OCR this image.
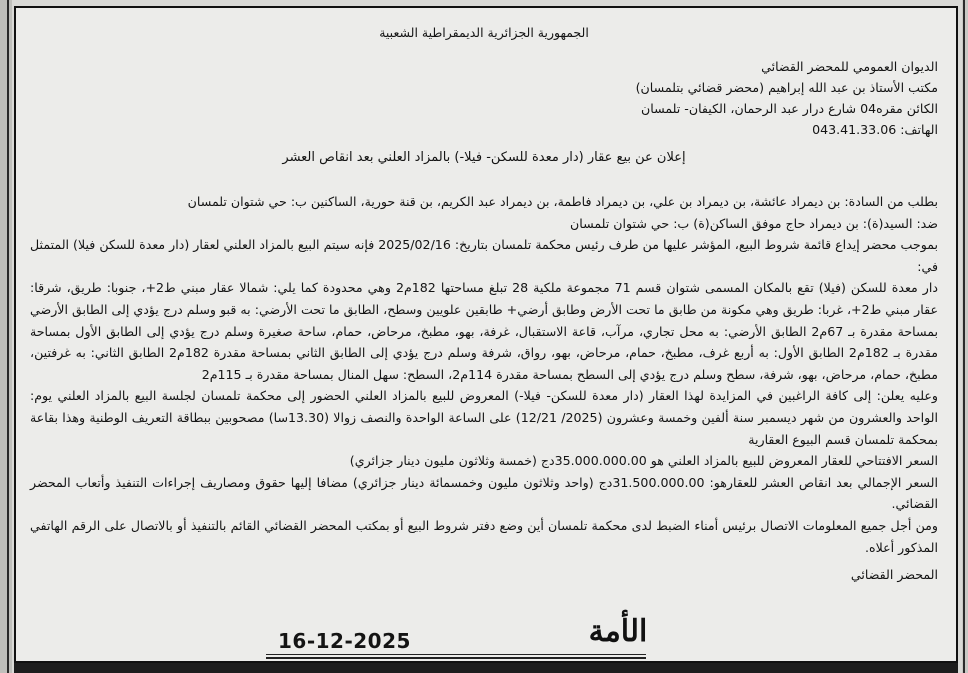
الجمهورية الجزائرية الديمقراطية الشعبية
الديوان العمومي للمحضر القضائي
مكتب الأستاذ بن عبد الله إبراهيم (محضر قضائي بتلمسان)
الكائن مقره04 شارع درار عبد الرحمان، الكيفان- تلمسان
الهاتف: 043.41.33.06
إعلان عن بيع عقار (دار معدة للسكن- فيلا-) بالمزاد العلني بعد انقاص العشر

بطلب من السادة: بن ديمراد عائشة، بن ديمراد بن علي، بن ديمراد فاطمة، بن ديمراد عبد الكريم، بن قنة حورية، الساكنين ب: حي شتوان تلمسان

ضد: السيد(ة): بن ديمراد حاج موفق الساكن(ة) ب: حي شتوان تلمسان

بموجب محضر إيداع قائمة شروط البيع، المؤشر عليها من طرف رئيس محكمة تلمسان بتاريخ: 2025/02/16 فإنه سيتم البيع بالمزاد العلني لعقار (دار معدة للسكن فيلا) المتمثل في:

دار معدة للسكن (فيلا) تقع بالمكان المسمى شتوان قسم 71 مجموعة ملكية 28 تبلغ مساحتها 182م2 وهي محدودة كما يلي: شمالا عقار مبني ط2+، جنوبا: طريق، شرقا: عقار مبني ط2+، غربا: طريق وهي مكونة من طابق ما تحت الأرض وطابق أرضي+ طابقين علويين وسطح، الطابق ما تحت الأرضي: به قبو وسلم درج يؤدي إلى الطابق الأرضي بمساحة مقدرة بـ 67م2 الطابق الأرضي: به محل تجاري، مرآب، قاعة الاستقبال، غرفة، بهو، مطبخ، مرحاض، حمام، ساحة صغيرة وسلم درج يؤدي إلى الطابق الأول بمساحة مقدرة بـ 182م2 الطابق الأول: به أربع غرف، مطبخ، حمام، مرحاض، بهو، رواق، شرفة وسلم درج يؤدي إلى الطابق الثاني بمساحة مقدرة 182م2 الطابق الثاني: به غرفتين، مطبخ، حمام، مرحاض، بهو، شرفة، سطح وسلم درج يؤدي إلى السطح بمساحة مقدرة 114م2، السطح: سهل المنال بمساحة مقدرة بـ 115م2

وعليه يعلن: إلى كافة الراغبين في المزايدة لهذا العقار (دار معدة للسكن- فيلا-) المعروض للبيع بالمزاد العلني الحضور إلى محكمة تلمسان لجلسة البيع بالمزاد العلني يوم: الواحد والعشرون من شهر ديسمبر سنة ألفين وخمسة وعشرون (2025/ 12/21) على الساعة الواحدة والنصف زوالا (13.30سا) مصحوبين ببطاقة التعريف الوطنية وهذا بقاعة بمحكمة تلمسان قسم البيوع العقارية

السعر الافتتاحي للعقار المعروض للبيع بالمزاد العلني هو 35.000.000.00دج (خمسة وثلاثون مليون دينار جزائري)

السعر الإجمالي بعد انقاص العشر للعقارهو: 31.500.000.00دج (واحد وثلاثون مليون وخمسمائة دينار جزائري) مضافا إليها حقوق ومصاريف إجراءات التنفيذ وأتعاب المحضر القضائي.

ومن أجل جميع المعلومات الاتصال برئيس أمناء الضبط لدى محكمة تلمسان أين وضع دفتر شروط البيع أو بمكتب المحضر القضائي القائم بالتنفيذ أو بالاتصال على الرقم الهاتفي المذكور أعلاه.

المحضر القضائي
الأمة
16-12-2025
